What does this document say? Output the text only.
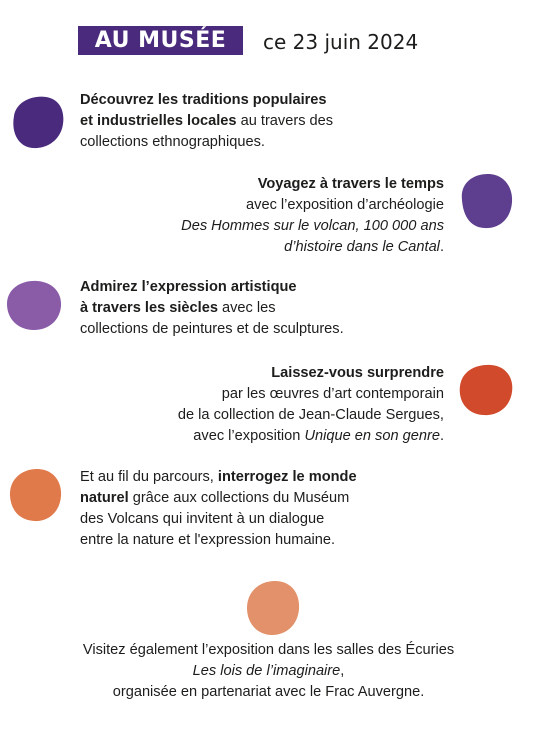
AU MUSÉE	ce 23 juin 2024
Découvrez les traditions populaires
et industrielles locales au travers des
collections ethnographiques.
Voyagez à travers le temps
avec l’exposition d’archéologie
Des Hommes sur le volcan, 100 000 ans
d’histoire dans le Cantal.
Admirez l’expression artistique
à travers les siècles avec les
collections de peintures et de sculptures.
Laissez-vous surprendre
par les œuvres d’art contemporain
de la collection de Jean-Claude Sergues,
avec l’exposition Unique en son genre.
Et au fil du parcours, interrogez le monde
naturel grâce aux collections du Muséum
des Volcans qui invitent à un dialogue
entre la nature et l'expression humaine.
Visitez également l’exposition dans les salles des Écuries
Les lois de l’imaginaire,
organisée en partenariat avec le Frac Auvergne.
